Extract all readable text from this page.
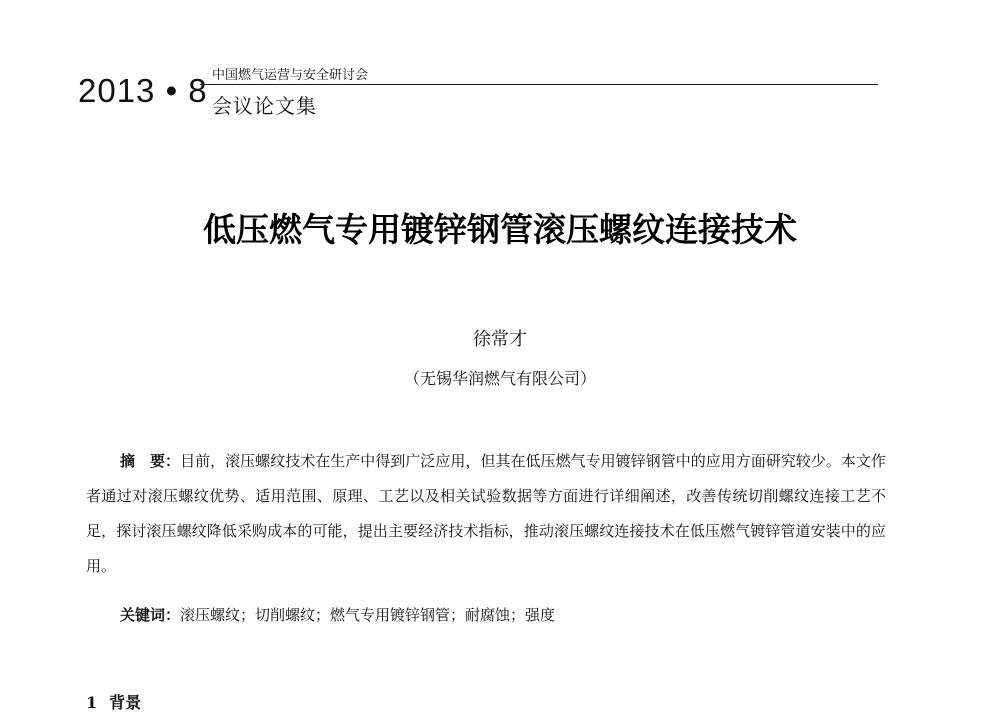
2013 • 8 中国燃气运营与安全研讨会
会议论文集
低压燃气专用镀锌钢管滚压螺纹连接技术
徐常才
（无锡华润燃气有限公司）
摘　要：目前，滚压螺纹技术在生产中得到广泛应用，但其在低压燃气专用镀锌钢管中的应用方面研究较少。本文作者通过对滚压螺纹优势、适用范围、原理、工艺以及相关试验数据等方面进行详细阐述，改善传统切削螺纹连接工艺不足，探讨滚压螺纹降低采购成本的可能，提出主要经济技术指标，推动滚压螺纹连接技术在低压燃气镀锌管道安装中的应用。
关键词：滚压螺纹；切削螺纹；燃气专用镀锌钢管；耐腐蚀；强度
1 背景
